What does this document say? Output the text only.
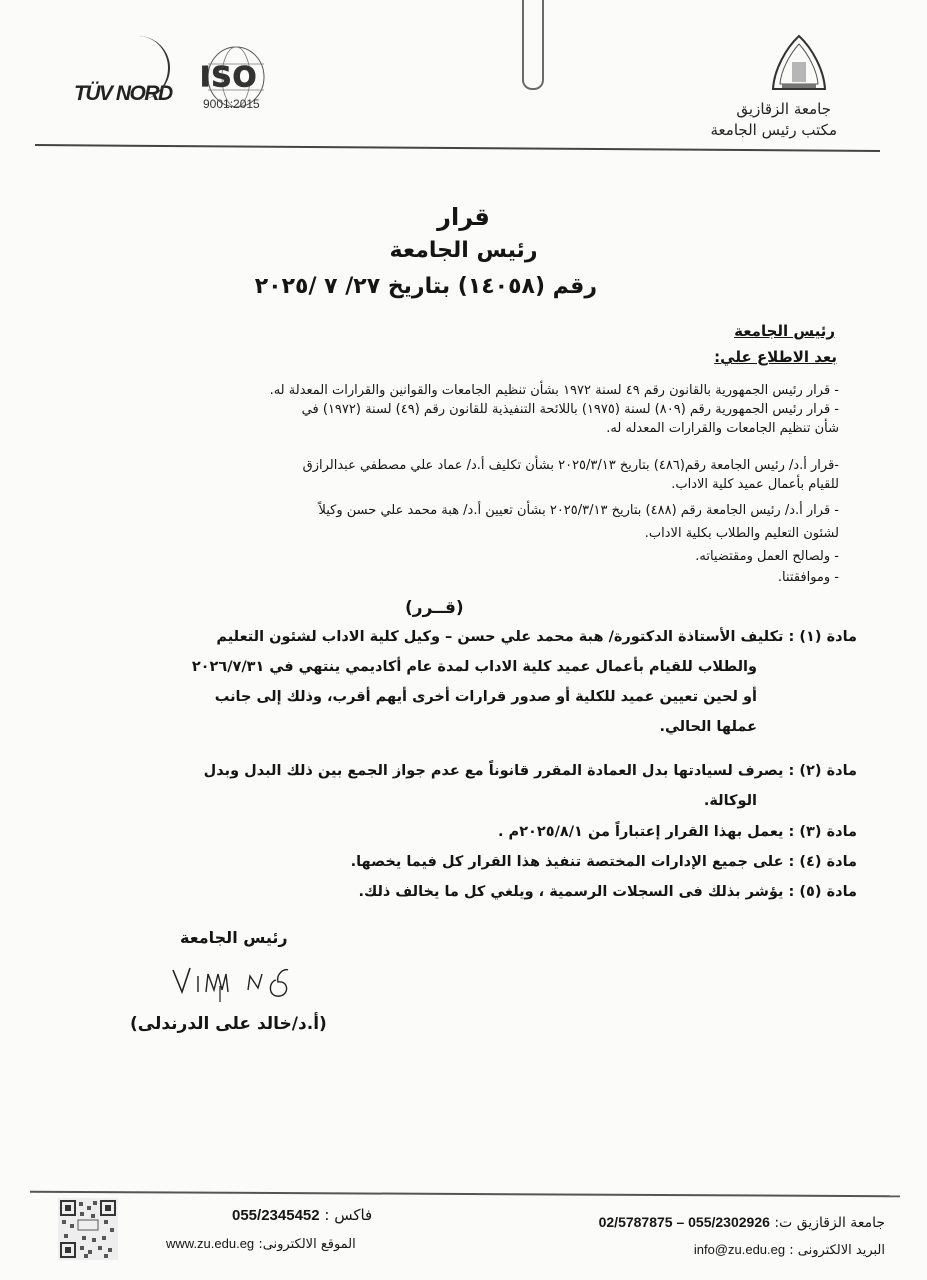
TÜV NORD
ISO
9001:2015	جامعة الزقازيق
مكتب رئيس الجامعة
قرار
رئيس الجامعة
رقم (١٤٠٥٨) بتاريخ ٢٧/ ٧ /٢٠٢٥
رئيس الجامعة
بعد الاطلاع علي:
- قرار رئيس الجمهورية بالقانون رقم ٤٩ لسنة ١٩٧٢ بشأن تنظيم الجامعات والقوانين والقرارات المعدلة له.
- قرار رئيس الجمهورية رقم (٨٠٩) لسنة (١٩٧٥) باللائحة التنفيذية للقانون رقم (٤٩) لسنة (١٩٧٢) في
شأن تنظيم الجامعات والقرارات المعدله له.
-قرار أ.د/ رئيس الجامعة رقم(٤٨٦) بتاريخ ٢٠٢٥/٣/١٣ بشأن تكليف أ.د/ عماد علي مصطفي عبدالرازق
للقيام بأعمال عميد كلية الاداب.
- قرار أ.د/ رئيس الجامعة رقم (٤٨٨) بتاريخ ٢٠٢٥/٣/١٣ بشأن تعيين أ.د/ هبة محمد علي حسن وكيلاً
لشئون التعليم والطلاب بكلية الاداب.
- ولصالح العمل ومقتضياته.
- وموافقتنا.
(قــرر)
مادة (١) : تكليف الأستاذة الدكتورة/ هبة محمد علي حسن – وكيل كلية الاداب لشئون التعليم
والطلاب للقيام بأعمال عميد كلية الاداب لمدة عام أكاديمي ينتهي في ٢٠٢٦/٧/٣١
أو لحين تعيين عميد للكلية أو صدور قرارات أخرى أيهم أقرب، وذلك إلى جانب
عملها الحالي.
مادة (٢) : يصرف لسيادتها بدل العمادة المقرر قانوناً مع عدم جواز الجمع بين ذلك البدل وبدل
الوكالة.
مادة (٣) : يعمل بهذا القرار إعتباراً من ٢٠٢٥/٨/١م .
مادة (٤) : على جميع الإدارات المختصة تنفيذ هذا القرار كل فيما يخصها.
مادة (٥) : يؤشر بذلك فى السجلات الرسمية ، ويلغي كل ما يخالف ذلك.
رئيس الجامعة
(أ.د/خالد على الدرندلى)
جامعة الزقازيق ت: 02/5787875 – 055/2302926
البريد الالكترونى : info@zu.edu.eg
فاكس : 055/2345452
الموقع الالكترونى: www.zu.edu.eg
